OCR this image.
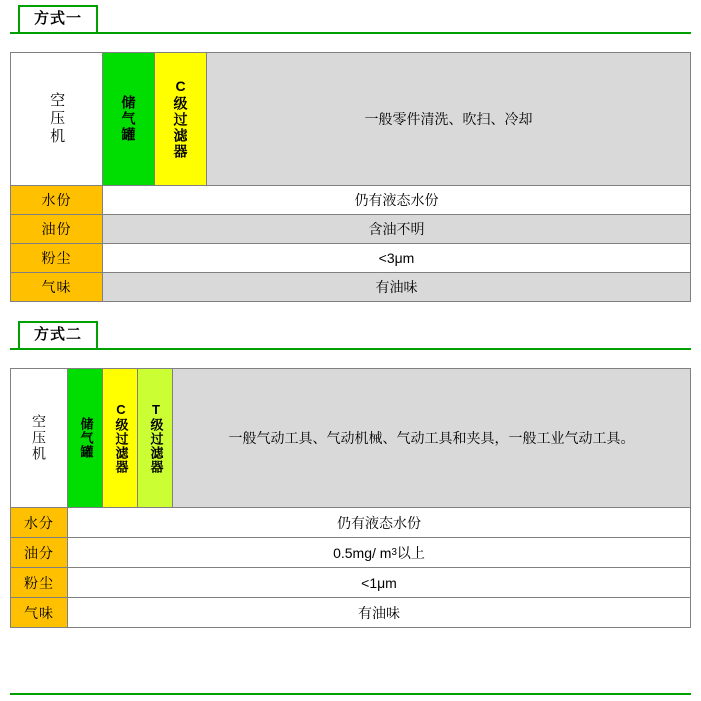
方式一
空压机	储气罐	C级过滤器	一般零件清洗、吹扫、冷却
水份	仍有液态水份
油份	含油不明
粉尘	<3μm
气味	有油味
方式二
空压机 储气罐 C级过滤器 T级过滤器	一般气动工具、气动机械、气动工具和夹具，一般工业气动工具。
水分	仍有液态水份
油分	0.5mg/ m 3 以上
粉尘	<1μm
气味	有油味
